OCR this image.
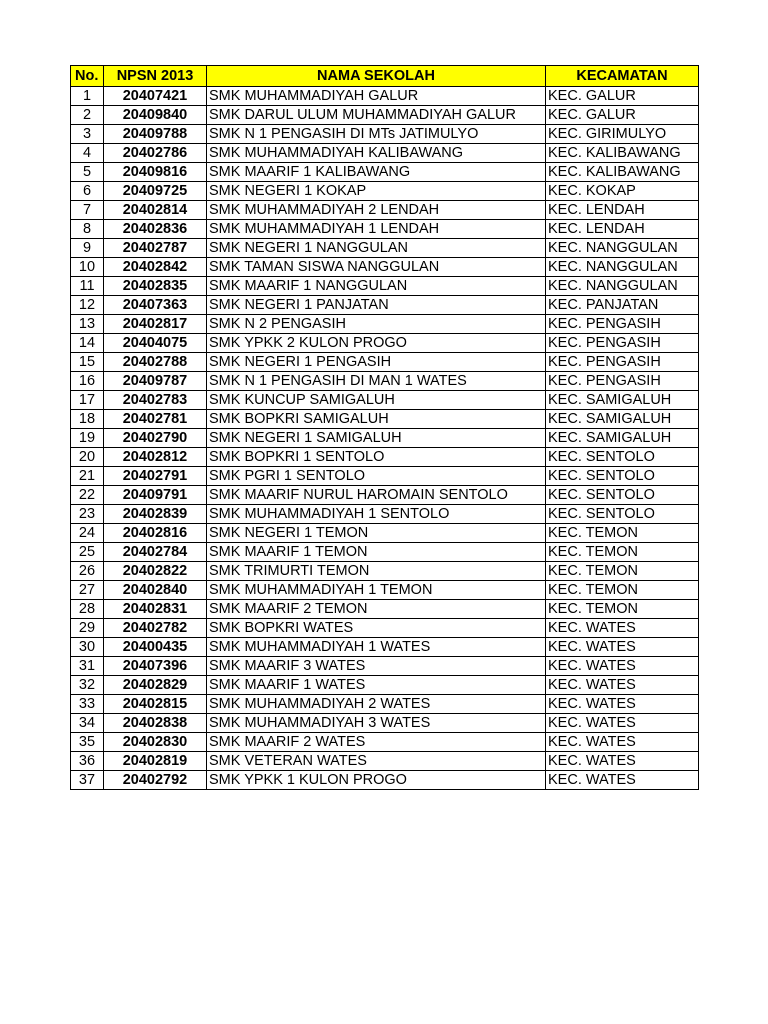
No.	NPSN 2013	NAMA SEKOLAH	KECAMATAN
1	20407421	SMK MUHAMMADIYAH GALUR	KEC. GALUR
2	20409840	SMK DARUL ULUM MUHAMMADIYAH GALUR	KEC. GALUR
3	20409788	SMK N 1 PENGASIH DI MTs JATIMULYO	KEC. GIRIMULYO
4	20402786	SMK MUHAMMADIYAH KALIBAWANG	KEC. KALIBAWANG
5	20409816	SMK MAARIF 1 KALIBAWANG	KEC. KALIBAWANG
6	20409725	SMK NEGERI 1 KOKAP	KEC. KOKAP
7	20402814	SMK MUHAMMADIYAH 2 LENDAH	KEC. LENDAH
8	20402836	SMK MUHAMMADIYAH 1 LENDAH	KEC. LENDAH
9	20402787	SMK NEGERI 1 NANGGULAN	KEC. NANGGULAN
10	20402842	SMK TAMAN SISWA NANGGULAN	KEC. NANGGULAN
11	20402835	SMK MAARIF 1 NANGGULAN	KEC. NANGGULAN
12	20407363	SMK NEGERI 1 PANJATAN	KEC. PANJATAN
13	20402817	SMK N 2 PENGASIH	KEC. PENGASIH
14	20404075	SMK YPKK 2 KULON PROGO	KEC. PENGASIH
15	20402788	SMK NEGERI 1 PENGASIH	KEC. PENGASIH
16	20409787	SMK N 1 PENGASIH DI MAN 1 WATES	KEC. PENGASIH
17	20402783	SMK KUNCUP SAMIGALUH	KEC. SAMIGALUH
18	20402781	SMK BOPKRI SAMIGALUH	KEC. SAMIGALUH
19	20402790	SMK NEGERI 1 SAMIGALUH	KEC. SAMIGALUH
20	20402812	SMK BOPKRI 1 SENTOLO	KEC. SENTOLO
21	20402791	SMK PGRI 1 SENTOLO	KEC. SENTOLO
22	20409791	SMK MAARIF NURUL HAROMAIN SENTOLO	KEC. SENTOLO
23	20402839	SMK MUHAMMADIYAH 1 SENTOLO	KEC. SENTOLO
24	20402816	SMK NEGERI 1 TEMON	KEC. TEMON
25	20402784	SMK MAARIF 1 TEMON	KEC. TEMON
26	20402822	SMK TRIMURTI TEMON	KEC. TEMON
27	20402840	SMK MUHAMMADIYAH 1 TEMON	KEC. TEMON
28	20402831	SMK MAARIF 2 TEMON	KEC. TEMON
29	20402782	SMK BOPKRI WATES	KEC. WATES
30	20400435	SMK MUHAMMADIYAH 1 WATES	KEC. WATES
31	20407396	SMK MAARIF 3 WATES	KEC. WATES
32	20402829	SMK MAARIF 1 WATES	KEC. WATES
33	20402815	SMK MUHAMMADIYAH 2 WATES	KEC. WATES
34	20402838	SMK MUHAMMADIYAH 3 WATES	KEC. WATES
35	20402830	SMK MAARIF 2 WATES	KEC. WATES
36	20402819	SMK VETERAN WATES	KEC. WATES
37	20402792	SMK YPKK 1 KULON PROGO	KEC. WATES
